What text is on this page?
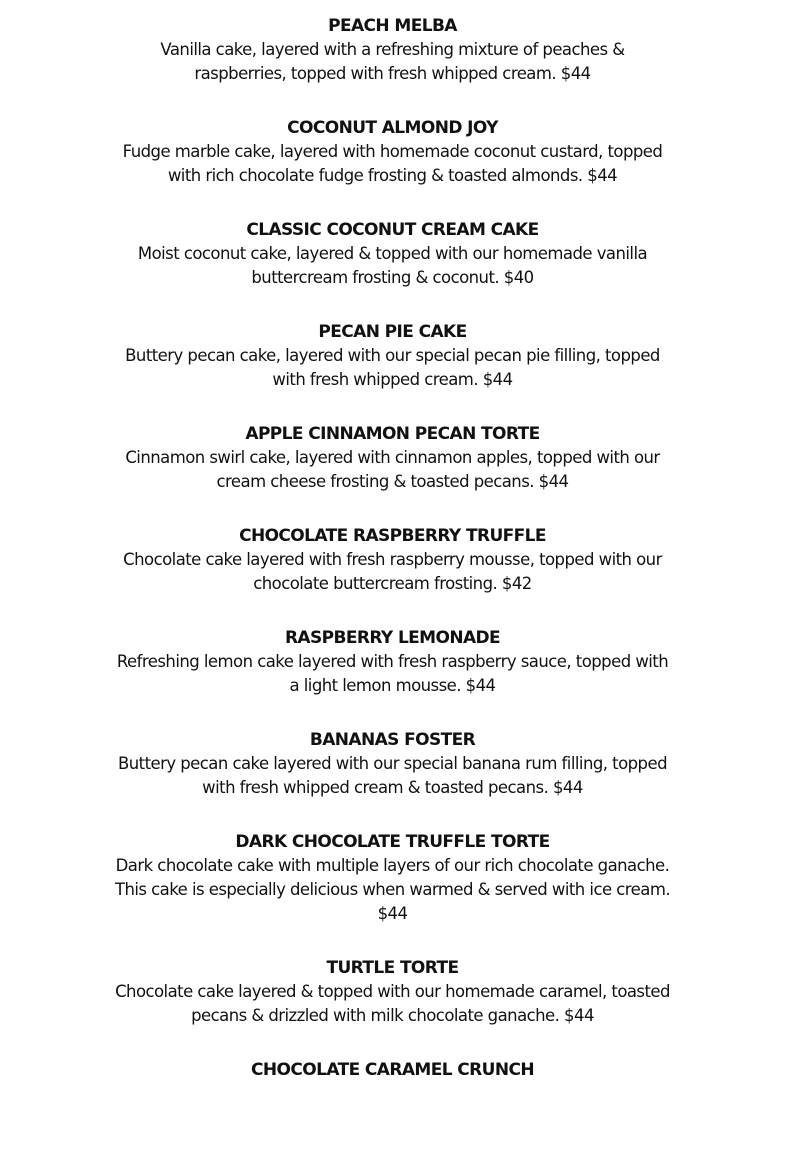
PEACH MELBA
Vanilla cake, layered with a refreshing mixture of peaches &
raspberries, topped with fresh whipped cream. $44
COCONUT ALMOND JOY
Fudge marble cake, layered with homemade coconut custard, topped
with rich chocolate fudge frosting & toasted almonds. $44
CLASSIC COCONUT CREAM CAKE
Moist coconut cake, layered & topped with our homemade vanilla
buttercream frosting & coconut. $40
PECAN PIE CAKE
Buttery pecan cake, layered with our special pecan pie filling, topped
with fresh whipped cream. $44
APPLE CINNAMON PECAN TORTE
Cinnamon swirl cake, layered with cinnamon apples, topped with our
cream cheese frosting & toasted pecans. $44
CHOCOLATE RASPBERRY TRUFFLE
Chocolate cake layered with fresh raspberry mousse, topped with our
chocolate buttercream frosting. $42
RASPBERRY LEMONADE
Refreshing lemon cake layered with fresh raspberry sauce, topped with
a light lemon mousse. $44
BANANAS FOSTER
Buttery pecan cake layered with our special banana rum filling, topped
with fresh whipped cream & toasted pecans. $44
DARK CHOCOLATE TRUFFLE TORTE
Dark chocolate cake with multiple layers of our rich chocolate ganache.
This cake is especially delicious when warmed & served with ice cream.
$44
TURTLE TORTE
Chocolate cake layered & topped with our homemade caramel, toasted
pecans & drizzled with milk chocolate ganache. $44
CHOCOLATE CARAMEL CRUNCH
